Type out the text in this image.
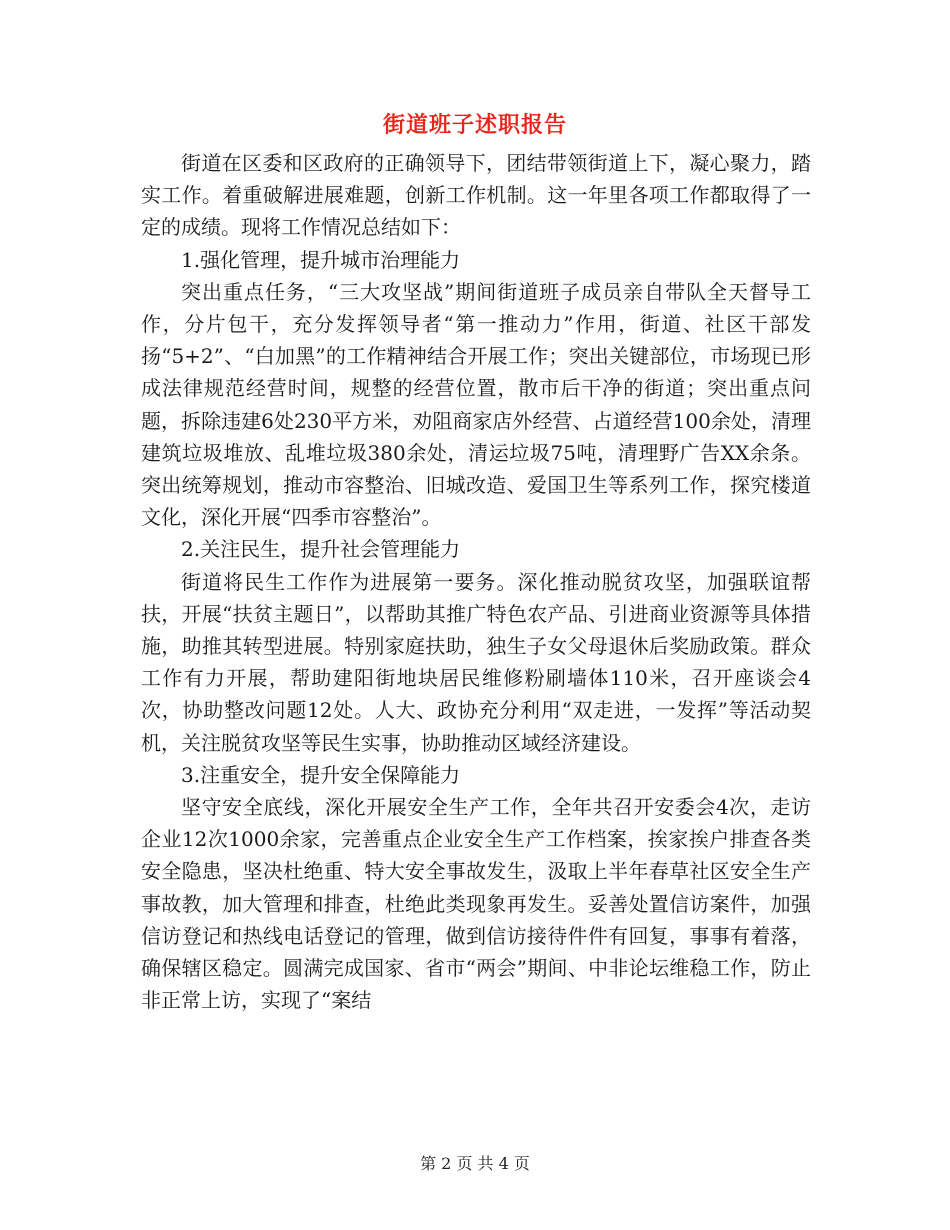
街道班子述职报告

街道在区委和区政府的正确领导下，团结带领街道上下，凝心聚力，踏实工作。着重破解进展难题，创新工作机制。这一年里各项工作都取得了一定的成绩。现将工作情况总结如下：

1.强化管理，提升城市治理能力

突出重点任务，“三大攻坚战”期间街道班子成员亲自带队全天督导工作，分片包干，充分发挥领导者“第一推动力”作用，街道、社区干部发扬“5+2”、“白加黑”的工作精神结合开展工作；突出关键部位，市场现已形成法律规范经营时间，规整的经营位置，散市后干净的街道；突出重点问题，拆除违建6处230平方米，劝阻商家店外经营、占道经营100余处，清理建筑垃圾堆放、乱堆垃圾380余处，清运垃圾75吨，清理野广告XX余条。突出统筹规划，推动市容整治、旧城改造、爱国卫生等系列工作，探究楼道文化，深化开展“四季市容整治”。

2.关注民生，提升社会管理能力

街道将民生工作作为进展第一要务。深化推动脱贫攻坚，加强联谊帮扶，开展“扶贫主题日”，以帮助其推广特色农产品、引进商业资源等具体措施，助推其转型进展。特别家庭扶助，独生子女父母退休后奖励政策。群众工作有力开展，帮助建阳街地块居民维修粉刷墙体110米，召开座谈会4次，协助整改问题12处。人大、政协充分利用“双走进，一发挥”等活动契机，关注脱贫攻坚等民生实事，协助推动区域经济建设。

3.注重安全，提升安全保障能力

坚守安全底线，深化开展安全生产工作，全年共召开安委会4次，走访企业12次1000余家，完善重点企业安全生产工作档案，挨家挨户排查各类安全隐患，坚决杜绝重、特大安全事故发生，汲取上半年春草社区安全生产事故教，加大管理和排查，杜绝此类现象再发生。妥善处置信访案件，加强信访登记和热线电话登记的管理，做到信访接待件件有回复，事事有着落，确保辖区稳定。圆满完成国家、省市“两会”期间、中非论坛维稳工作，防止非正常上访，实现了“案结

第 2 页 共 4 页
